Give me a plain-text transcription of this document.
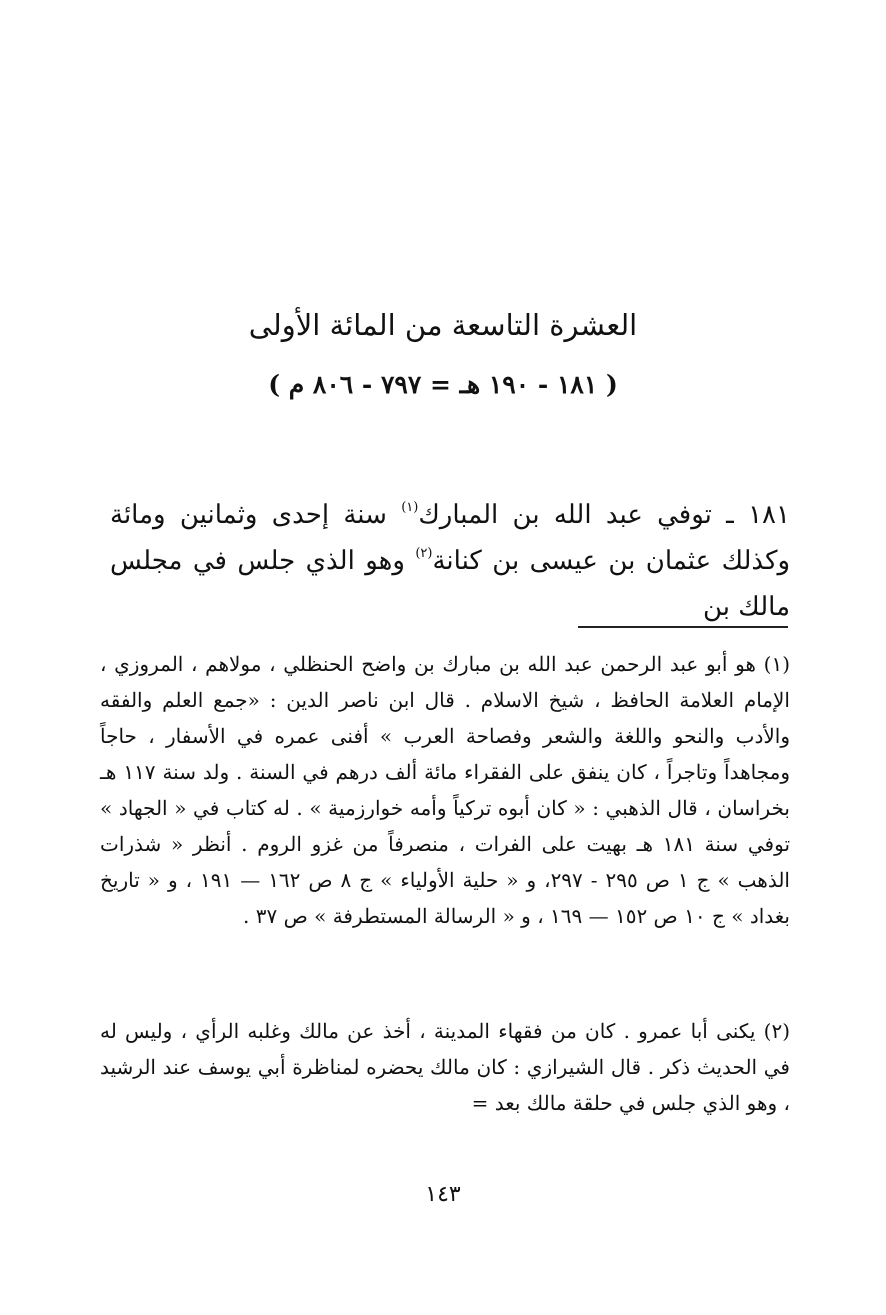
العشرة التاسعة من المائة الأولى
( ١٨١ - ١٩٠ هـ = ٧٩٧ - ٨٠٦ م )
١٨١ ـ توفي عبد الله بن المبارك$^{(١)}$ سنة إحدى وثمانين ومائة وكذلك عثمان بن عيسى بن كنانة$^{(٢)}$ وهو الذي جلس في مجلس مالك بن
(١) هو أبو عبد الرحمن عبد الله بن مبارك بن واضح الحنظلي ، مولاهم ، المروزي ، الإمام العلامة الحافظ ، شيخ الاسلام . قال ابن ناصر الدين : «جمع العلم والفقه والأدب والنحو واللغة والشعر وفصاحة العرب » أفنى عمره في الأسفار ، حاجاً ومجاهداً وتاجراً ، كان ينفق على الفقراء مائة ألف درهم في السنة . ولد سنة ١١٧ هـ بخراسان ، قال الذهبي : « كان أبوه تركياً وأمه خوارزمية » . له كتاب في « الجهاد » توفي سنة ١٨١ هـ بهيت على الفرات ، منصرفاً من غزو الروم . أنظر « شذرات الذهب » ج ١ ص ٢٩٥ - ٢٩٧، و « حلية الأولياء » ج ٨ ص ١٦٢ — ١٩١ ، و « تاريخ بغداد » ج ١٠ ص ١٥٢ — ١٦٩ ، و « الرسالة المستطرفة » ص ٣٧ .
(٢) يكنى أبا عمرو . كان من فقهاء المدينة ، أخذ عن مالك وغلبه الرأي ، وليس له في الحديث ذكر . قال الشيرازي : كان مالك يحضره لمناظرة أبي يوسف عند الرشيد ، وهو الذي جلس في حلقة مالك بعد =
١٤٣
